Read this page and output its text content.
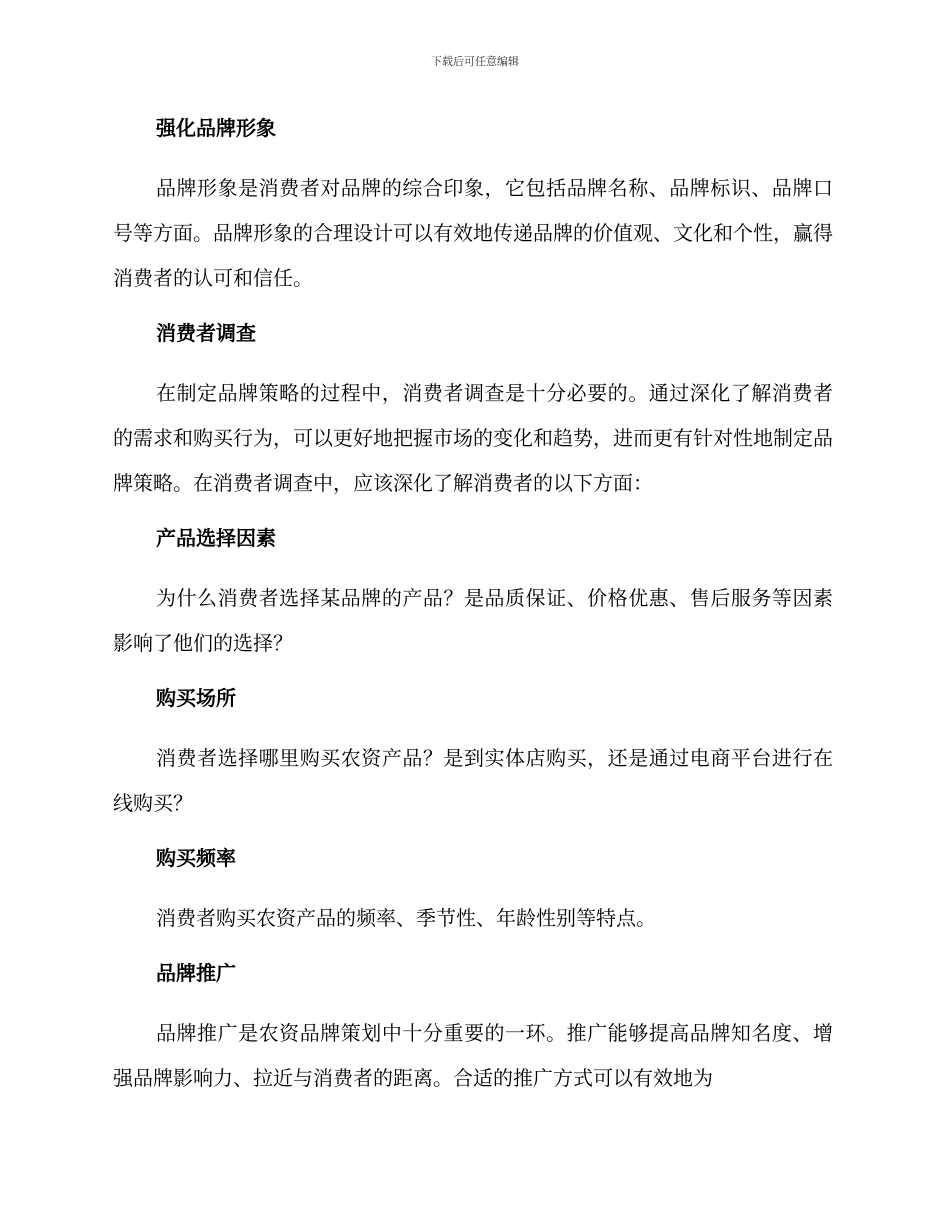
下载后可任意编辑
强化品牌形象
品牌形象是消费者对品牌的综合印象，它包括品牌名称、品牌标识、品牌口号等方面。品牌形象的合理设计可以有效地传递品牌的价值观、文化和个性，赢得消费者的认可和信任。
消费者调查
在制定品牌策略的过程中，消费者调查是十分必要的。通过深化了解消费者的需求和购买行为，可以更好地把握市场的变化和趋势，进而更有针对性地制定品牌策略。在消费者调查中，应该深化了解消费者的以下方面：
产品选择因素
为什么消费者选择某品牌的产品？是品质保证、价格优惠、售后服务等因素影响了他们的选择？
购买场所
消费者选择哪里购买农资产品？是到实体店购买，还是通过电商平台进行在线购买？
购买频率
消费者购买农资产品的频率、季节性、年龄性别等特点。
品牌推广
品牌推广是农资品牌策划中十分重要的一环。推广能够提高品牌知名度、增强品牌影响力、拉近与消费者的距离。合适的推广方式可以有效地为
